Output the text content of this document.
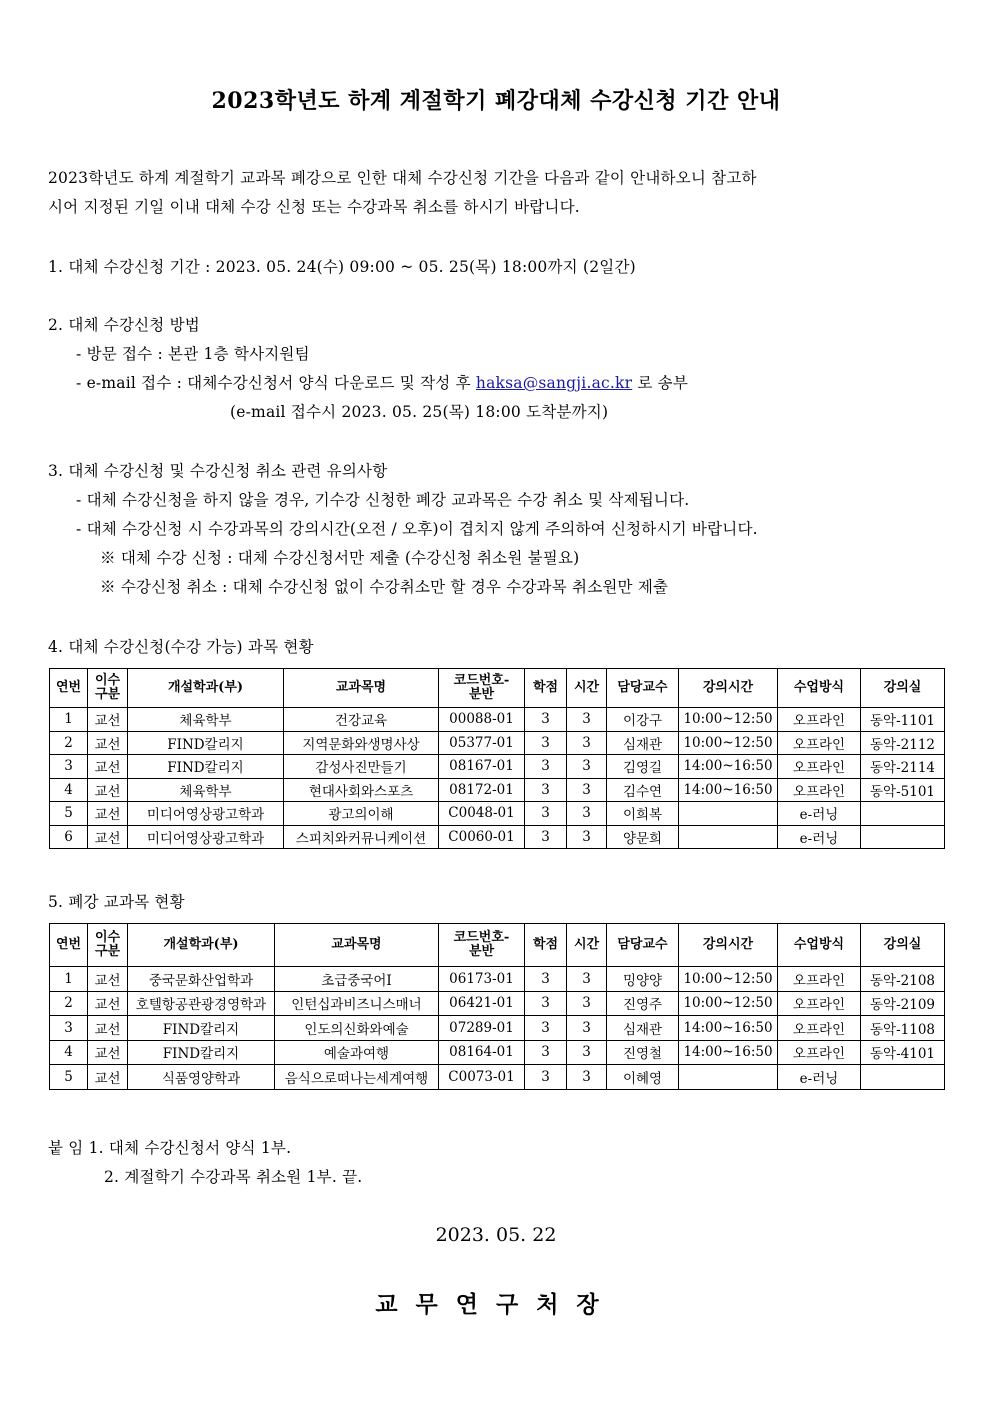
2023학년도 하계 계절학기 폐강대체 수강신청 기간 안내
2023학년도 하계 계절학기 교과목 폐강으로 인한 대체 수강신청 기간을 다음과 같이 안내하오니 참고하
시어 지정된 기일 이내 대체 수강 신청 또는 수강과목 취소를 하시기 바랍니다.
1. 대체 수강신청 기간 : 2023. 05. 24(수) 09:00 ~ 05. 25(목) 18:00까지 (2일간)
2. 대체 수강신청 방법
- 방문 접수 : 본관 1층 학사지원팀
- e-mail 접수 : 대체수강신청서 양식 다운로드 및 작성 후 haksa@sangji.ac.kr 로 송부
(e-mail 접수시 2023. 05. 25(목) 18:00 도착분까지)
3. 대체 수강신청 및 수강신청 취소 관련 유의사항
- 대체 수강신청을 하지 않을 경우, 기수강 신청한 폐강 교과목은 수강 취소 및 삭제됩니다.
- 대체 수강신청 시 수강과목의 강의시간(오전 / 오후)이 겹치지 않게 주의하여 신청하시기 바랍니다.
※ 대체 수강 신청 : 대체 수강신청서만 제출 (수강신청 취소원 불필요)
※ 수강신청 취소 : 대체 수강신청 없이 수강취소만 할 경우 수강과목 취소원만 제출
4. 대체 수강신청(수강 가능) 과목 현황
연번	이수
구분	개설학과(부)	교과목명	코드번호-
분반	학점	시간	담당교수	강의시간	수업방식	강의실
1	교선	체육학부	건강교육	00088-01	3	3	이강구	10:00~12:50	오프라인	동악-1101
2	교선	FIND칼리지	지역문화와생명사상	05377-01	3	3	심재관	10:00~12:50	오프라인	동악-2112
3	교선	FIND칼리지	감성사진만들기	08167-01	3	3	김영길	14:00~16:50	오프라인	동악-2114
4	교선	체육학부	현대사회와스포츠	08172-01	3	3	김수연	14:00~16:50	오프라인	동악-5101
5	교선	미디어영상광고학과	광고의이해	C0048-01	3	3	이희복		e-러닝	
6	교선	미디어영상광고학과	스피치와커뮤니케이션	C0060-01	3	3	양문희		e-러닝	
5. 폐강 교과목 현황
연번	이수
구분	개설학과(부)	교과목명	코드번호-
분반	학점	시간	담당교수	강의시간	수업방식	강의실
1	교선	중국문화산업학과	초급중국어Ⅰ	06173-01	3	3	밍양양	10:00~12:50	오프라인	동악-2108
2	교선	호텔항공관광경영학과	인턴십과비즈니스매너	06421-01	3	3	진영주	10:00~12:50	오프라인	동악-2109
3	교선	FIND칼리지	인도의신화와예술	07289-01	3	3	심재관	14:00~16:50	오프라인	동악-1108
4	교선	FIND칼리지	예술과여행	08164-01	3	3	진영철	14:00~16:50	오프라인	동악-4101
5	교선	식품영양학과	음식으로떠나는세계여행	C0073-01	3	3	이혜영		e-러닝	
붙 임 1. 대체 수강신청서 양식 1부.
2. 계절학기 수강과목 취소원 1부. 끝.
2023. 05. 22
교무연구처장
